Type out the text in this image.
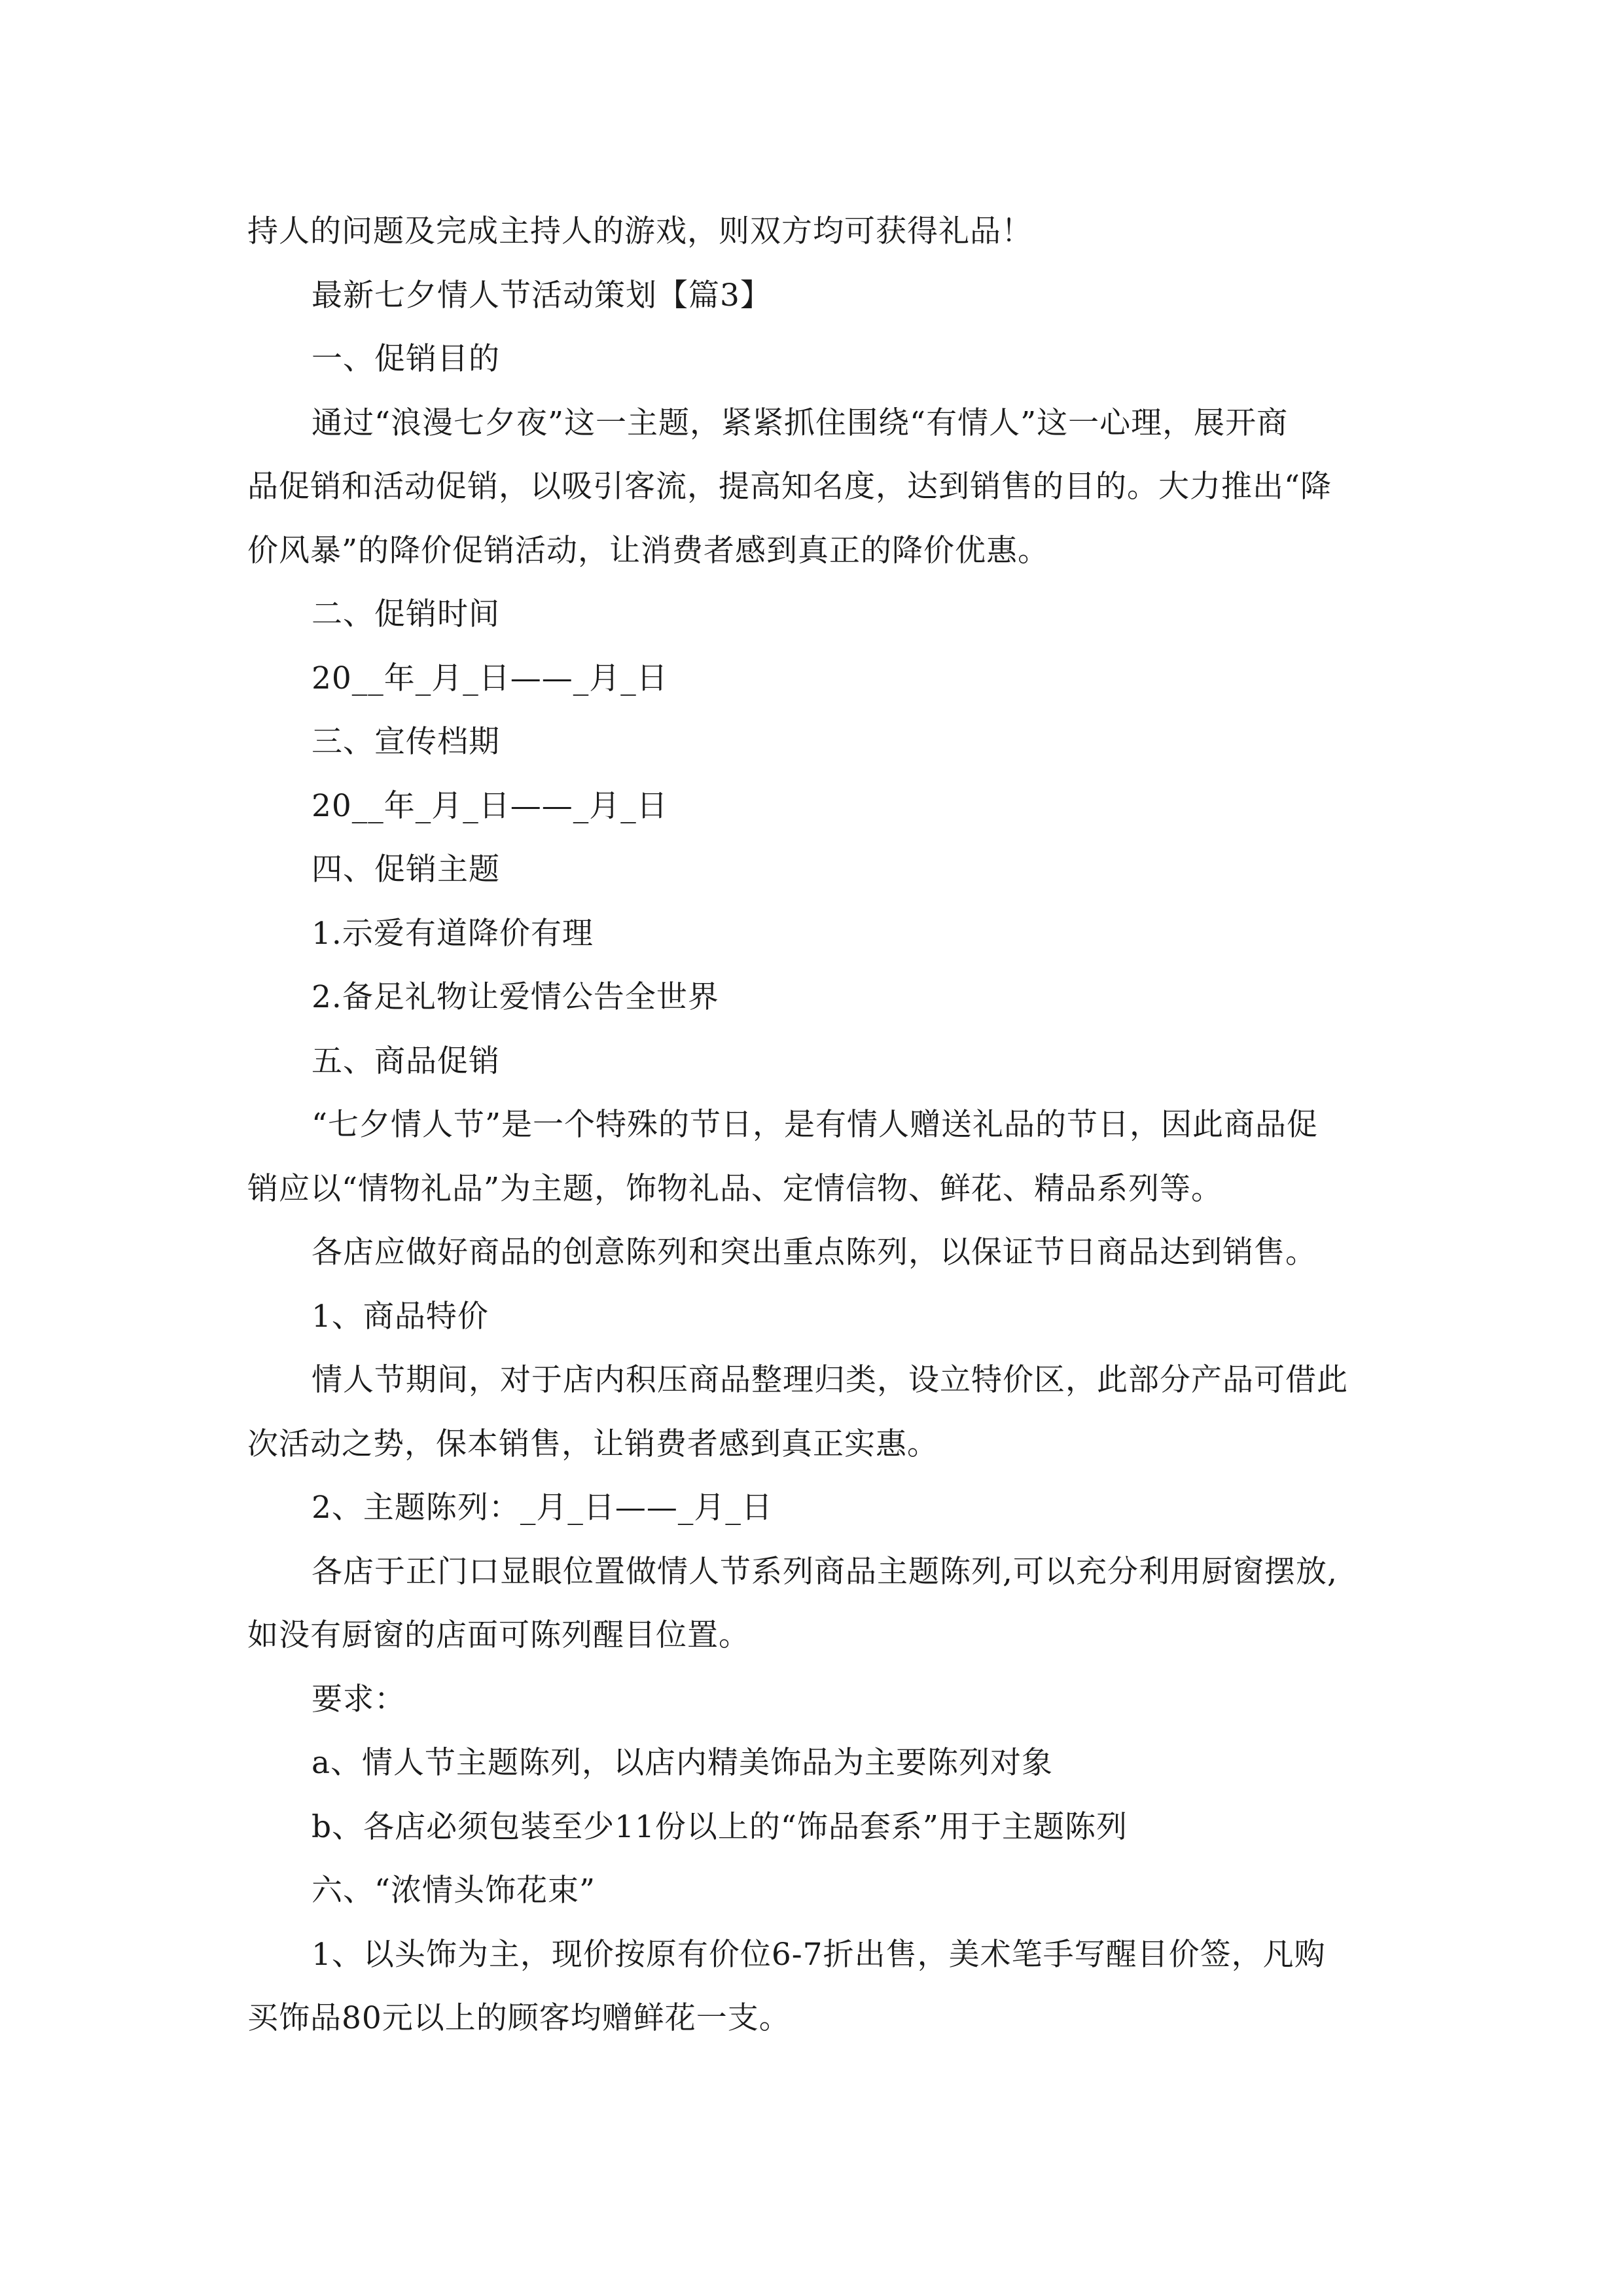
持人的问题及完成主持人的游戏，则双方均可获得礼品！
最新七夕情人节活动策划【篇3】
一、促销目的
通过“浪漫七夕夜”这一主题，紧紧抓住围绕“有情人”这一心理，展开商
品促销和活动促销，以吸引客流，提高知名度，达到销售的目的。大力推出“降
价风暴”的降价促销活动，让消费者感到真正的降价优惠。
二、促销时间
20__年_月_日——_月_日
三、宣传档期
20__年_月_日——_月_日
四、促销主题
1.示爱有道降价有理
2.备足礼物让爱情公告全世界
五、商品促销
“七夕情人节”是一个特殊的节日，是有情人赠送礼品的节日，因此商品促
销应以“情物礼品”为主题，饰物礼品、定情信物、鲜花、精品系列等。
各店应做好商品的创意陈列和突出重点陈列，以保证节日商品达到销售。
1、商品特价
情人节期间，对于店内积压商品整理归类，设立特价区，此部分产品可借此
次活动之势，保本销售，让销费者感到真正实惠。
2、主题陈列：_月_日——_月_日
各店于正门口显眼位置做情人节系列商品主题陈列,可以充分利用厨窗摆放,
如没有厨窗的店面可陈列醒目位置。
要求：
a、情人节主题陈列，以店内精美饰品为主要陈列对象
b、各店必须包装至少11份以上的“饰品套系”用于主题陈列
六、“浓情头饰花束”
1、以头饰为主，现价按原有价位6-7折出售，美术笔手写醒目价签，凡购
买饰品80元以上的顾客均赠鲜花一支。
